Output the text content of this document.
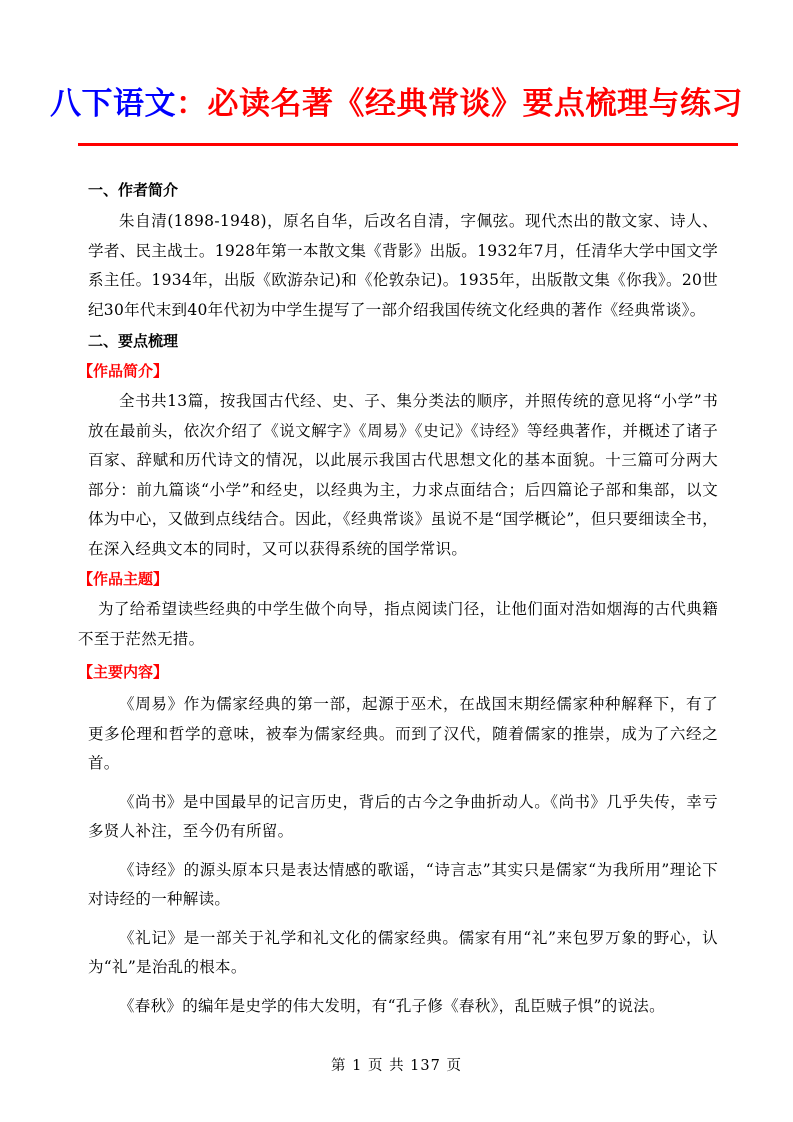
八下语文：必读名著《经典常谈》要点梳理与练习
一、作者简介

朱自清(1898-1948)，原名自华，后改名自清，字佩弦。现代杰出的散文家、诗人、学者、民主战士。1928年第一本散文集《背影》出版。1932年7月，任清华大学中国文学系主任。1934年，出版《欧游杂记)和《伦敦杂记)。1935年，出版散文集《你我》。20世纪30年代末到40年代初为中学生提写了一部介绍我国传统文化经典的著作《经典常谈》。

二、要点梳理
【作品简介】

全书共13篇，按我国古代经、史、子、集分类法的顺序，并照传统的意见将“小学”书放在最前头，依次介绍了《说文解字》《周易》《史记》《诗经》等经典著作，并概述了诸子百家、辞赋和历代诗文的情况，以此展示我国古代思想文化的基本面貌。十三篇可分两大部分：前九篇谈“小学”和经史，以经典为主，力求点面结合；后四篇论子部和集部，以文体为中心，又做到点线结合。因此，《经典常谈》虽说不是“国学概论”，但只要细读全书，在深入经典文本的同时，又可以获得系统的国学常识。

【作品主题】

为了给希望读些经典的中学生做个向导，指点阅读门径，让他们面对浩如烟海的古代典籍不至于茫然无措。

【主要内容】

《周易》作为儒家经典的第一部，起源于巫术，在战国末期经儒家种种解释下，有了更多伦理和哲学的意味，被奉为儒家经典。而到了汉代，随着儒家的推崇，成为了六经之首。

《尚书》是中国最早的记言历史，背后的古今之争曲折动人。《尚书》几乎失传，幸亏多贤人补注，至今仍有所留。

《诗经》的源头原本只是表达情感的歌谣，“诗言志”其实只是儒家“为我所用”理论下对诗经的一种解读。

《礼记》是一部关于礼学和礼文化的儒家经典。儒家有用“礼”来包罗万象的野心，认为“礼”是治乱的根本。

《春秋》的编年是史学的伟大发明，有“孔子修《春秋》，乱臣贼子惧”的说法。

第 1 页 共 137 页
